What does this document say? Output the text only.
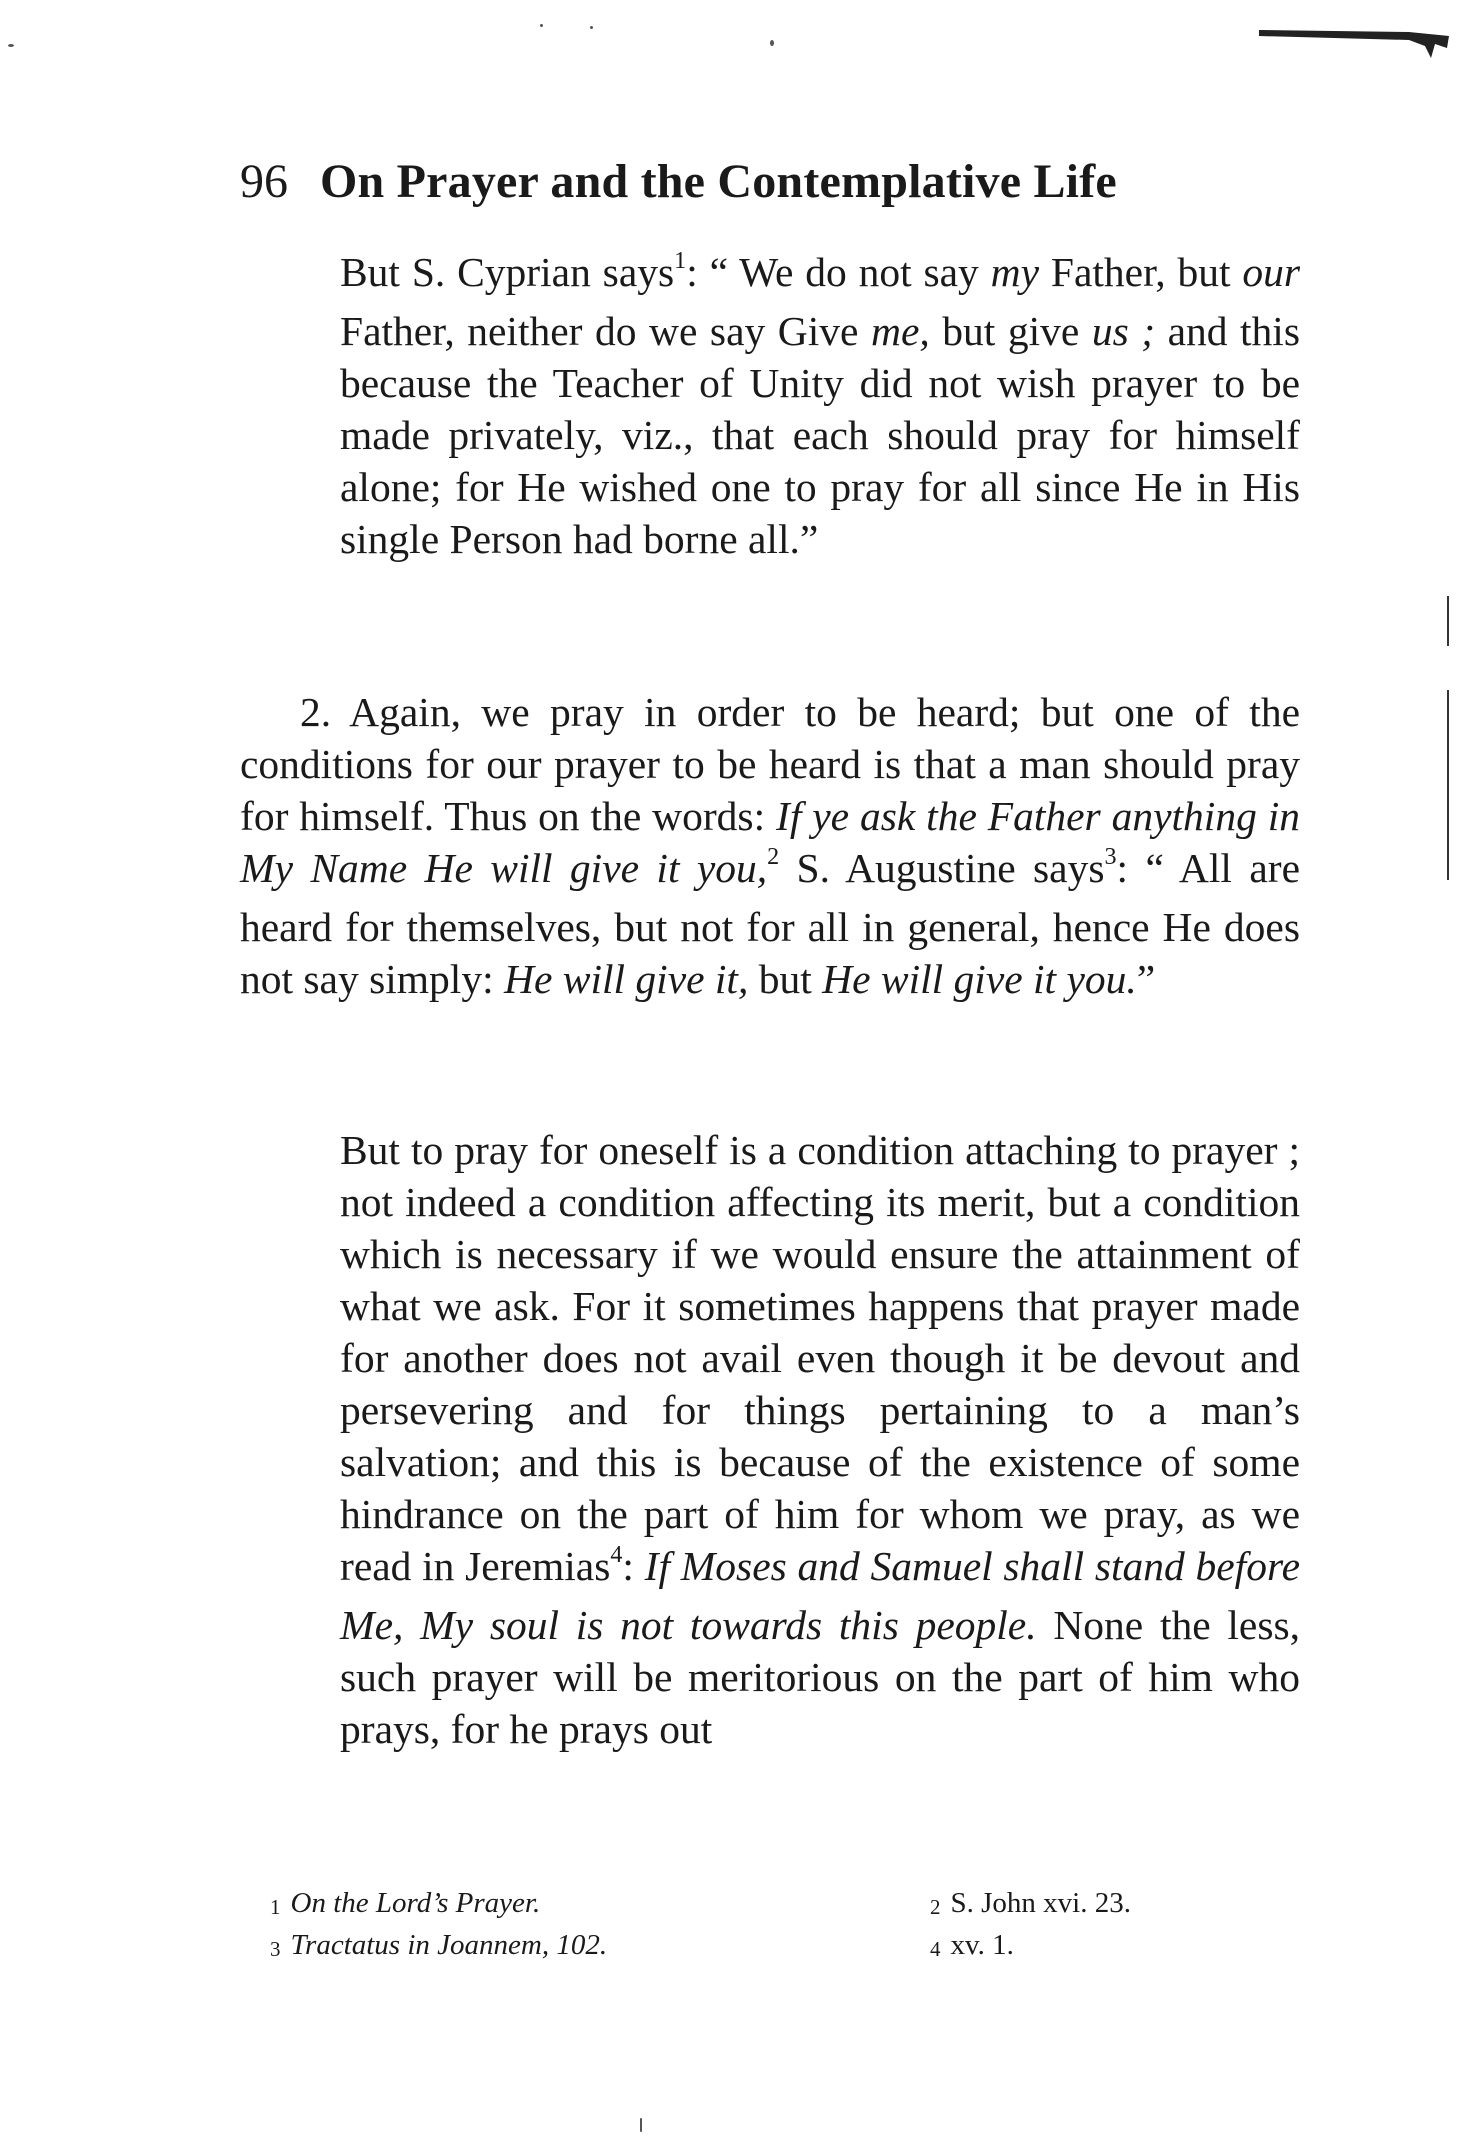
96 On Prayer and the Contemplative Life

But S. Cyprian says$^1$: “ We do not say my Father, but our Father, neither do we say Give me, but give us ; and this because the Teacher of Unity did not wish prayer to be made privately, viz., that each should pray for himself alone; for He wished one to pray for all since He in His single Person had borne all.”

2. Again, we pray in order to be heard; but one of the conditions for our prayer to be heard is that a man should pray for himself. Thus on the words: If ye ask the Father anything in My Name He will give it you,$^2$ S. Augustine says$^3$: “ All are heard for themselves, but not for all in general, hence He does not say simply: He will give it, but He will give it you.”

But to pray for oneself is a condition attaching to prayer ; not indeed a condition affecting its merit, but a condition which is necessary if we would ensure the attainment of what we ask. For it sometimes happens that prayer made for another does not avail even though it be devout and persevering and for things pertaining to a man’s salvation; and this is because of the existence of some hindrance on the part of him for whom we pray, as we read in Jeremias$^4$: If Moses and Samuel shall stand before Me, My soul is not towards this people. None the less, such prayer will be meritorious on the part of him who prays, for he prays out

$^1$ On the Lord’s Prayer.	$^2$ S. John xvi. 23.
$^3$ Tractatus in Joannem, 102.	$^4$ xv. 1.
